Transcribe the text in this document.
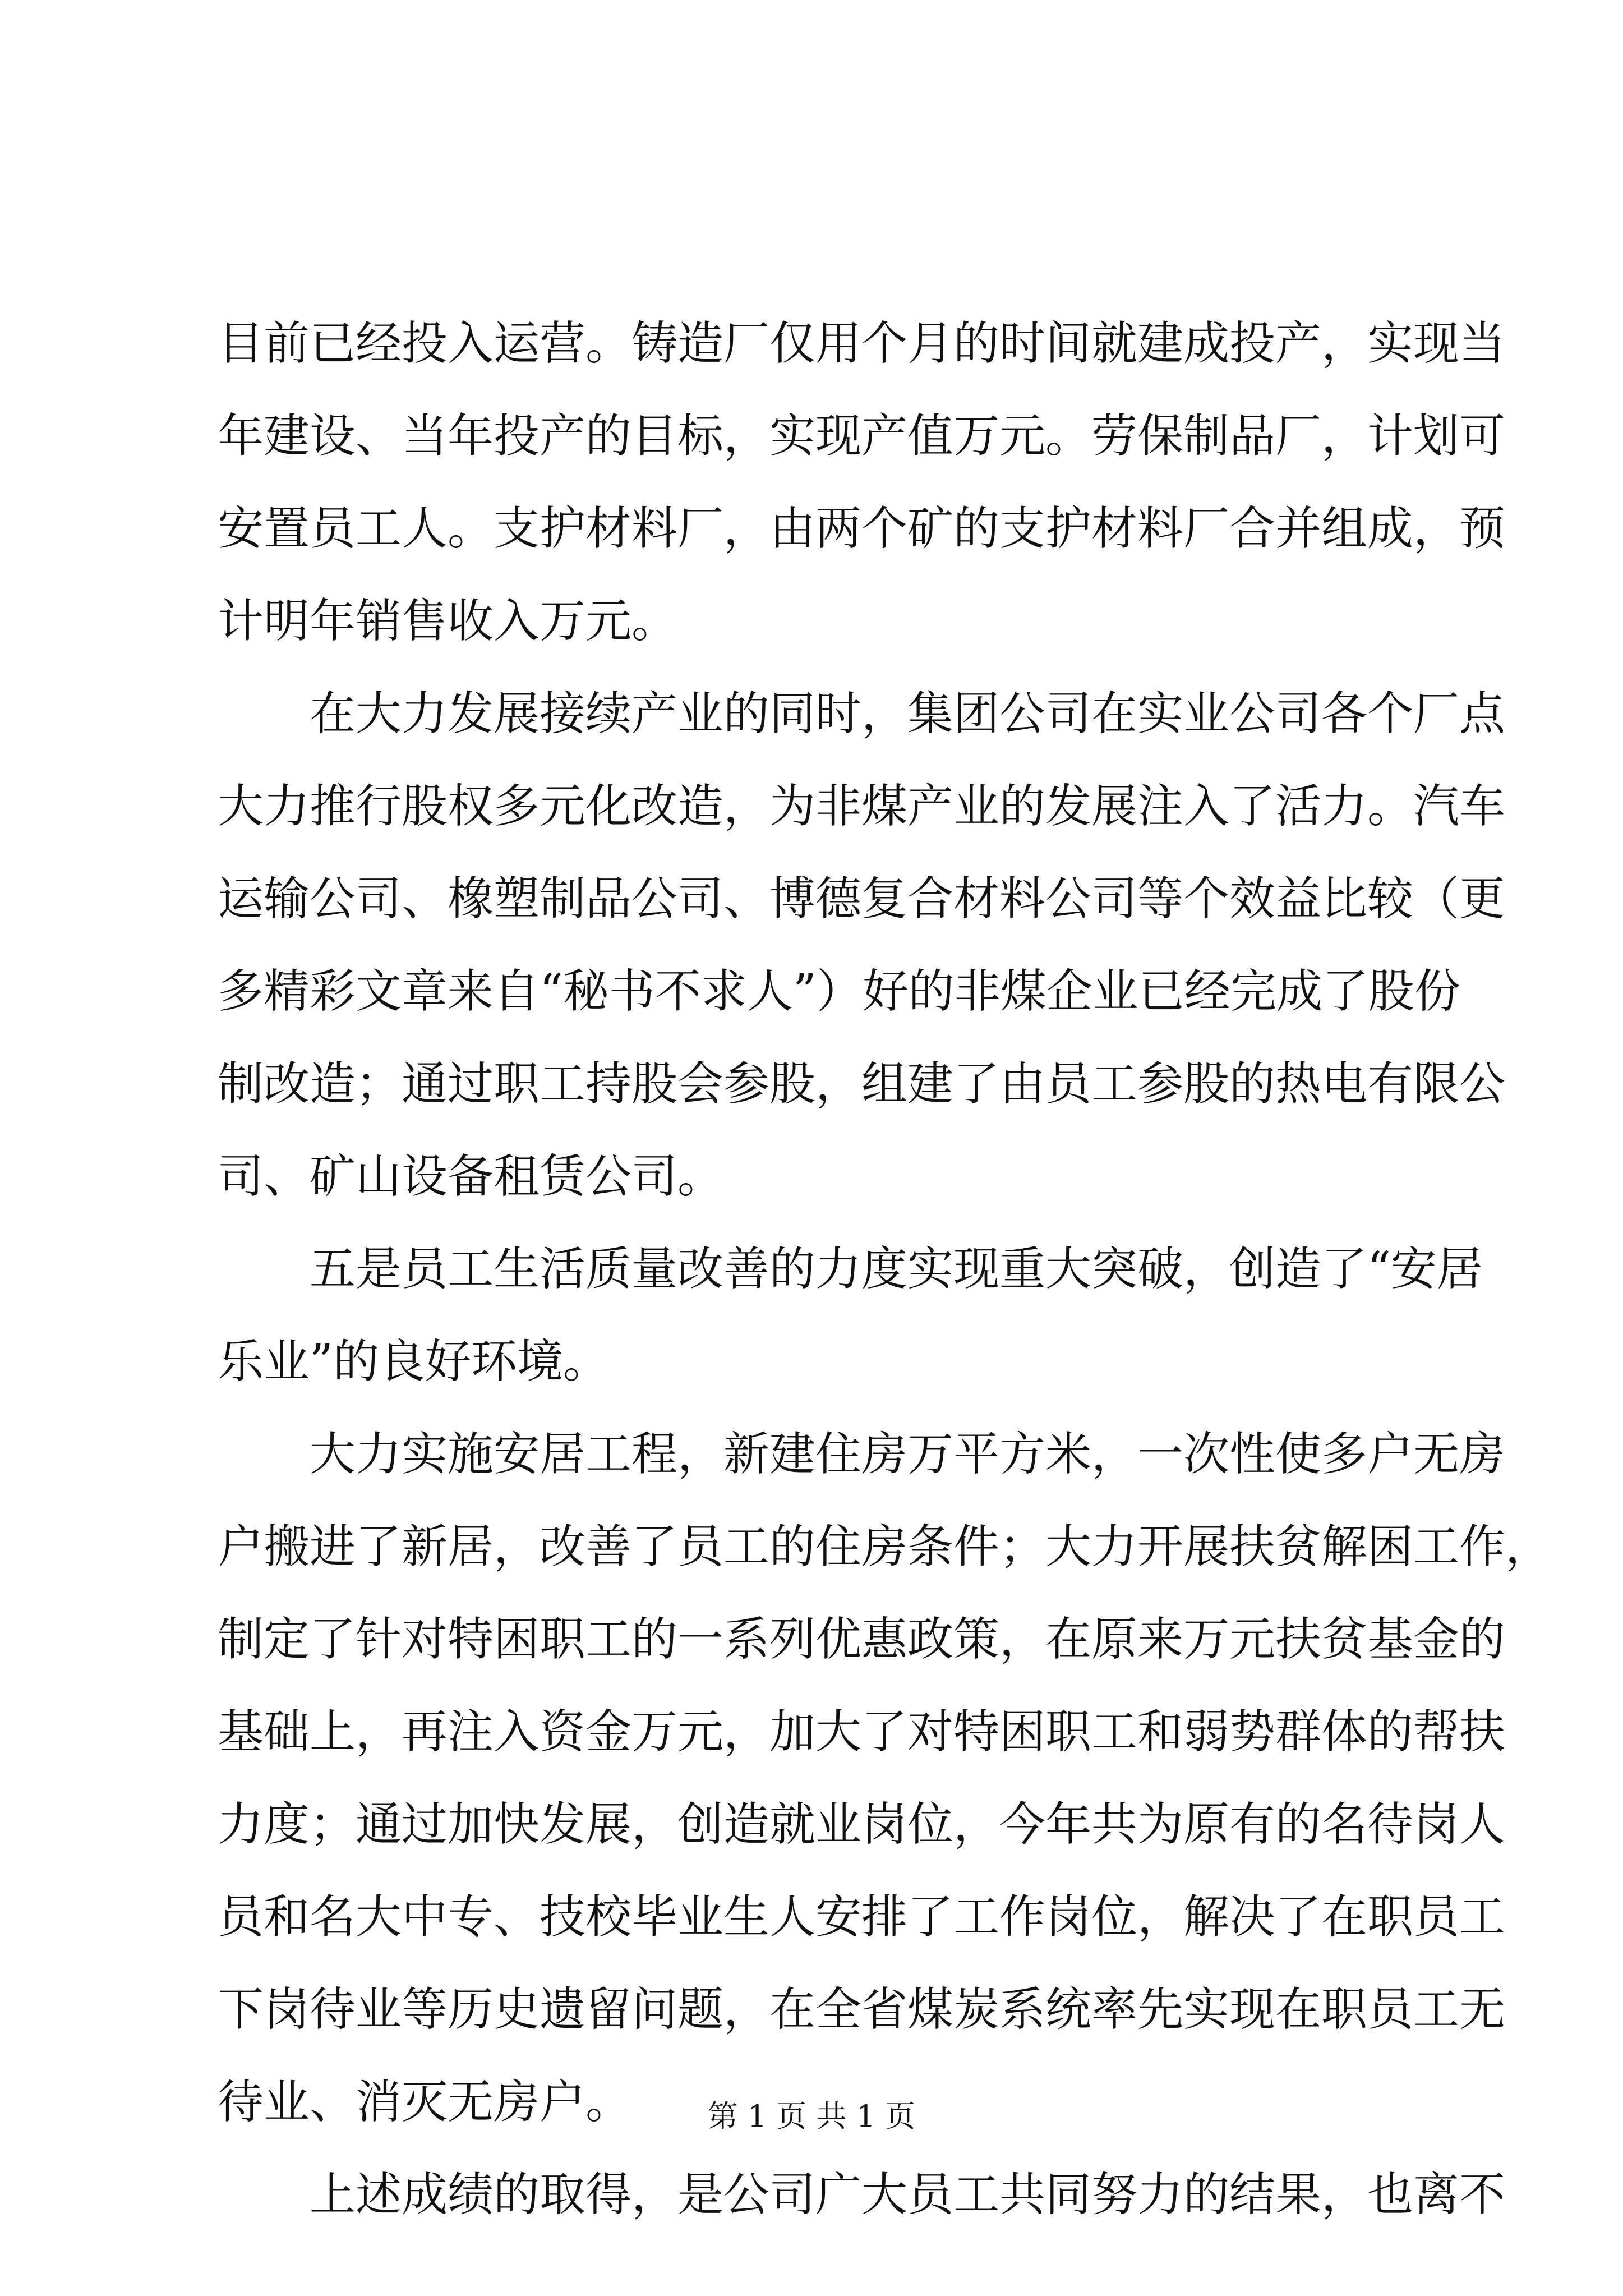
目前已经投入运营。铸造厂仅用个月的时间就建成投产，实现当
年建设、当年投产的目标，实现产值万元。劳保制品厂，计划可
安置员工人。支护材料厂，由两个矿的支护材料厂合并组成，预
计明年销售收入万元。
在大力发展接续产业的同时，集团公司在实业公司各个厂点
大力推行股权多元化改造，为非煤产业的发展注入了活力。汽车
运输公司、橡塑制品公司、博德复合材料公司等个效益比较（更
多精彩文章来自“秘书不求人”）好的非煤企业已经完成了股份
制改造；通过职工持股会参股，组建了由员工参股的热电有限公
司、矿山设备租赁公司。
五是员工生活质量改善的力度实现重大突破，创造了“安居
乐业”的良好环境。
大力实施安居工程，新建住房万平方米，一次性使多户无房
户搬进了新居，改善了员工的住房条件；大力开展扶贫解困工作，
制定了针对特困职工的一系列优惠政策，在原来万元扶贫基金的
基础上，再注入资金万元，加大了对特困职工和弱势群体的帮扶
力度；通过加快发展，创造就业岗位，今年共为原有的名待岗人
员和名大中专、技校毕业生人安排了工作岗位，解决了在职员工
下岗待业等历史遗留问题，在全省煤炭系统率先实现在职员工无
待业、消灭无房户。
上述成绩的取得，是公司广大员工共同努力的结果，也离不
第 1 页 共 1 页
